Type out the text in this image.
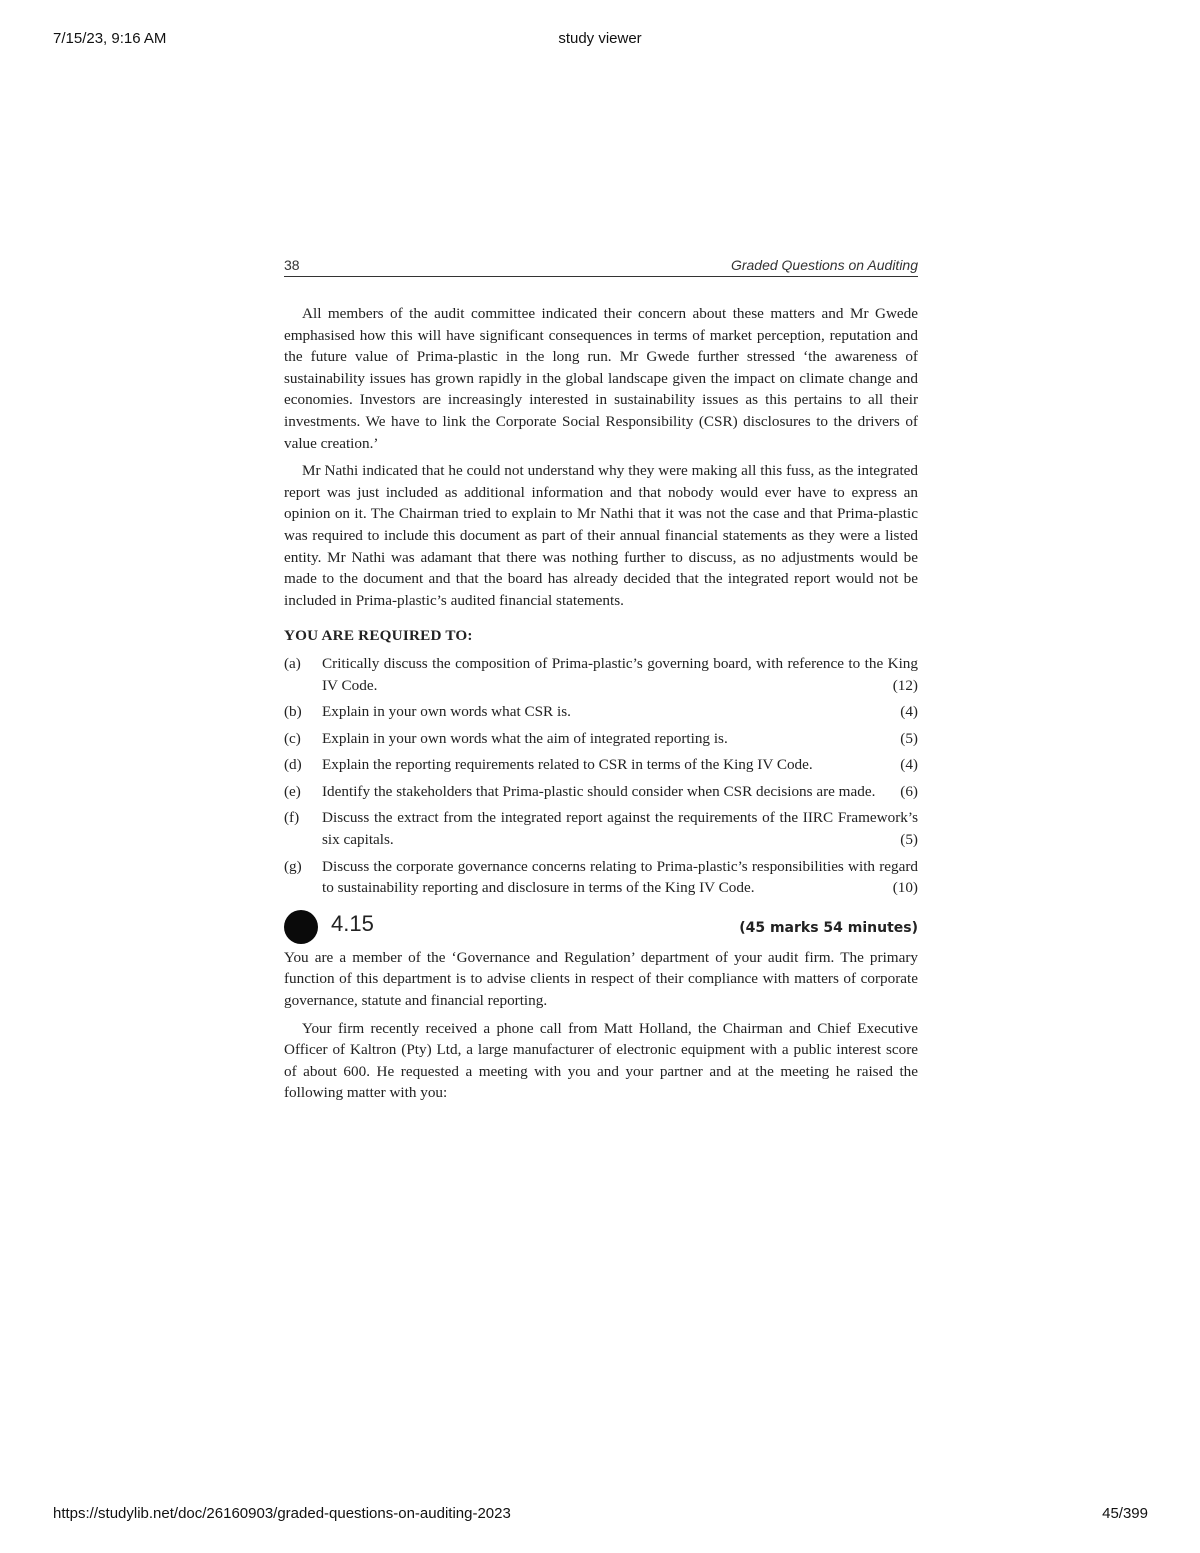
7/15/23, 9:16 AM	study viewer
38	Graded Questions on Auditing

All members of the audit committee indicated their concern about these matters and Mr Gwede emphasised how this will have significant consequences in terms of market perception, reputation and the future value of Prima-plastic in the long run. Mr Gwede further stressed ‘the awareness of sustainability issues has grown rapidly in the global landscape given the impact on climate change and economies. Investors are increasingly interested in sustainability issues as this pertains to all their investments. We have to link the Corporate Social Responsibility (CSR) disclosures to the drivers of value creation.’

Mr Nathi indicated that he could not understand why they were making all this fuss, as the integrated report was just included as additional information and that nobody would ever have to express an opinion on it. The Chairman tried to explain to Mr Nathi that it was not the case and that Prima-plastic was required to include this document as part of their annual financial statements as they were a listed entity. Mr Nathi was adamant that there was nothing further to discuss, as no adjustments would be made to the document and that the board has already decided that the integrated report would not be included in Prima-plastic’s audited financial statements.

YOU ARE REQUIRED TO:
(a)	Critically discuss the composition of Prima-plastic’s governing board, with reference to the King IV Code.	(12)
(b)	Explain in your own words what CSR is.	(4)
(c)	Explain in your own words what the aim of integrated reporting is.	(5)
(d)	Explain the reporting requirements related to CSR in terms of the King IV Code.	(4)
(e)	Identify the stakeholders that Prima-plastic should consider when CSR decisions are made. (6)
(f)	Discuss the extract from the integrated report against the requirements of the IIRC Framework’s six capitals.	(5)
(g)	Discuss the corporate governance concerns relating to Prima-plastic’s responsibilities with regard to sustainability reporting and disclosure in terms of the King IV Code.	(10)
4.15	(45 marks 54 minutes)

You are a member of the ‘Governance and Regulation’ department of your audit firm. The primary function of this department is to advise clients in respect of their compliance with matters of corporate governance, statute and financial reporting.

Your firm recently received a phone call from Matt Holland, the Chairman and Chief Executive Officer of Kaltron (Pty) Ltd, a large manufacturer of electronic equipment with a public interest score of about 600. He requested a meeting with you and your partner and at the meeting he raised the following matter with you:

https://studylib.net/doc/26160903/graded-questions-on-auditing-2023	45/399
